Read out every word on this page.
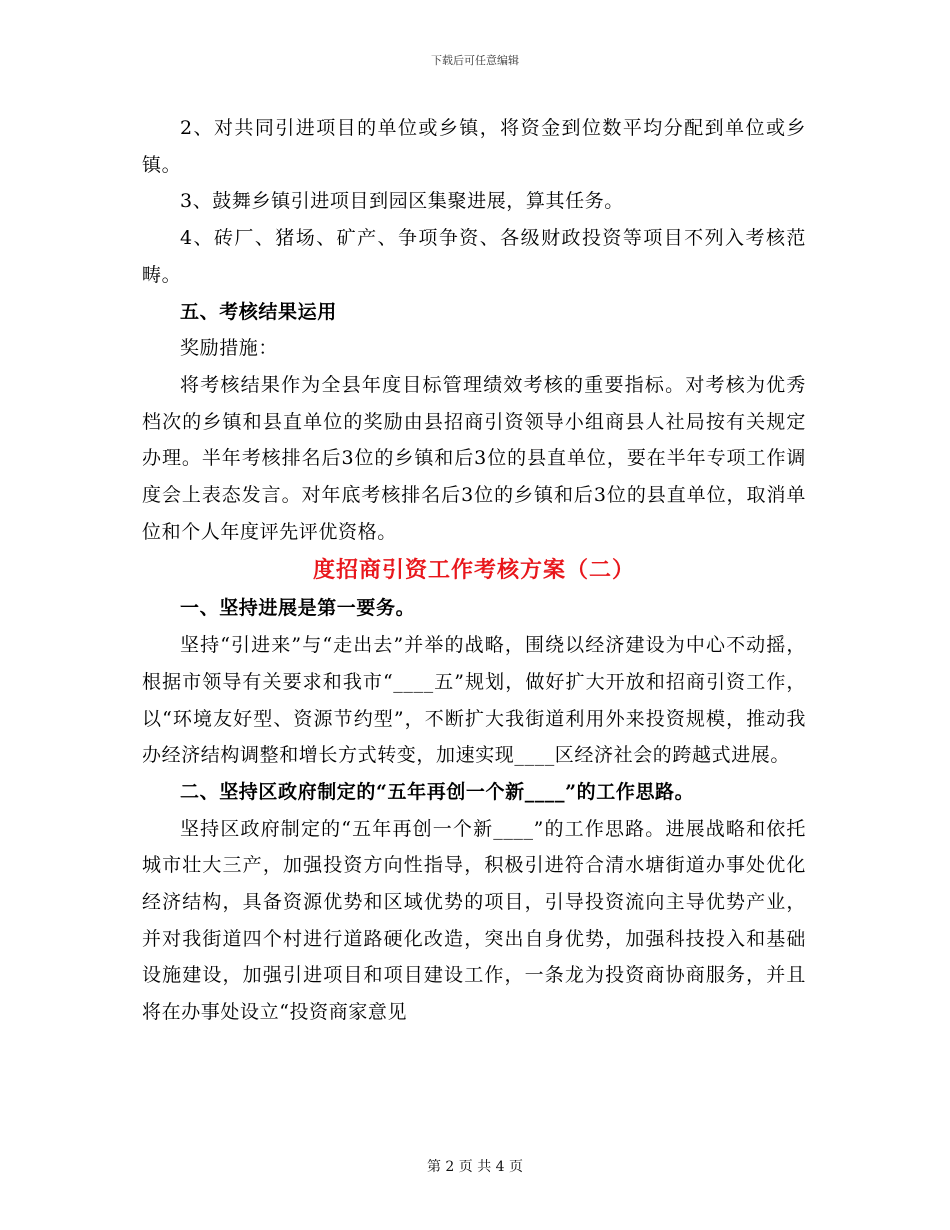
下载后可任意编辑

2、对共同引进项目的单位或乡镇，将资金到位数平均分配到单位或乡镇。

3、鼓舞乡镇引进项目到园区集聚进展，算其任务。

4、砖厂、猪场、矿产、争项争资、各级财政投资等项目不列入考核范畴。

五、考核结果运用

奖励措施：

将考核结果作为全县年度目标管理绩效考核的重要指标。对考核为优秀档次的乡镇和县直单位的奖励由县招商引资领导小组商县人社局按有关规定办理。半年考核排名后3位的乡镇和后3位的县直单位，要在半年专项工作调度会上表态发言。对年底考核排名后3位的乡镇和后3位的县直单位，取消单位和个人年度评先评优资格。

度招商引资工作考核方案（二）

一、坚持进展是第一要务。

坚持“引进来”与“走出去”并举的战略，围绕以经济建设为中心不动摇，根据市领导有关要求和我市“____五”规划，做好扩大开放和招商引资工作，以“环境友好型、资源节约型”，不断扩大我街道利用外来投资规模，推动我办经济结构调整和增长方式转变，加速实现____区经济社会的跨越式进展。

二、坚持区政府制定的“五年再创一个新____”的工作思路。

坚持区政府制定的“五年再创一个新____”的工作思路。进展战略和依托城市壮大三产，加强投资方向性指导，积极引进符合清水塘街道办事处优化经济结构，具备资源优势和区域优势的项目，引导投资流向主导优势产业，并对我街道四个村进行道路硬化改造，突出自身优势，加强科技投入和基础设施建设，加强引进项目和项目建设工作，一条龙为投资商协商服务，并且将在办事处设立“投资商家意见

第 2 页 共 4 页
